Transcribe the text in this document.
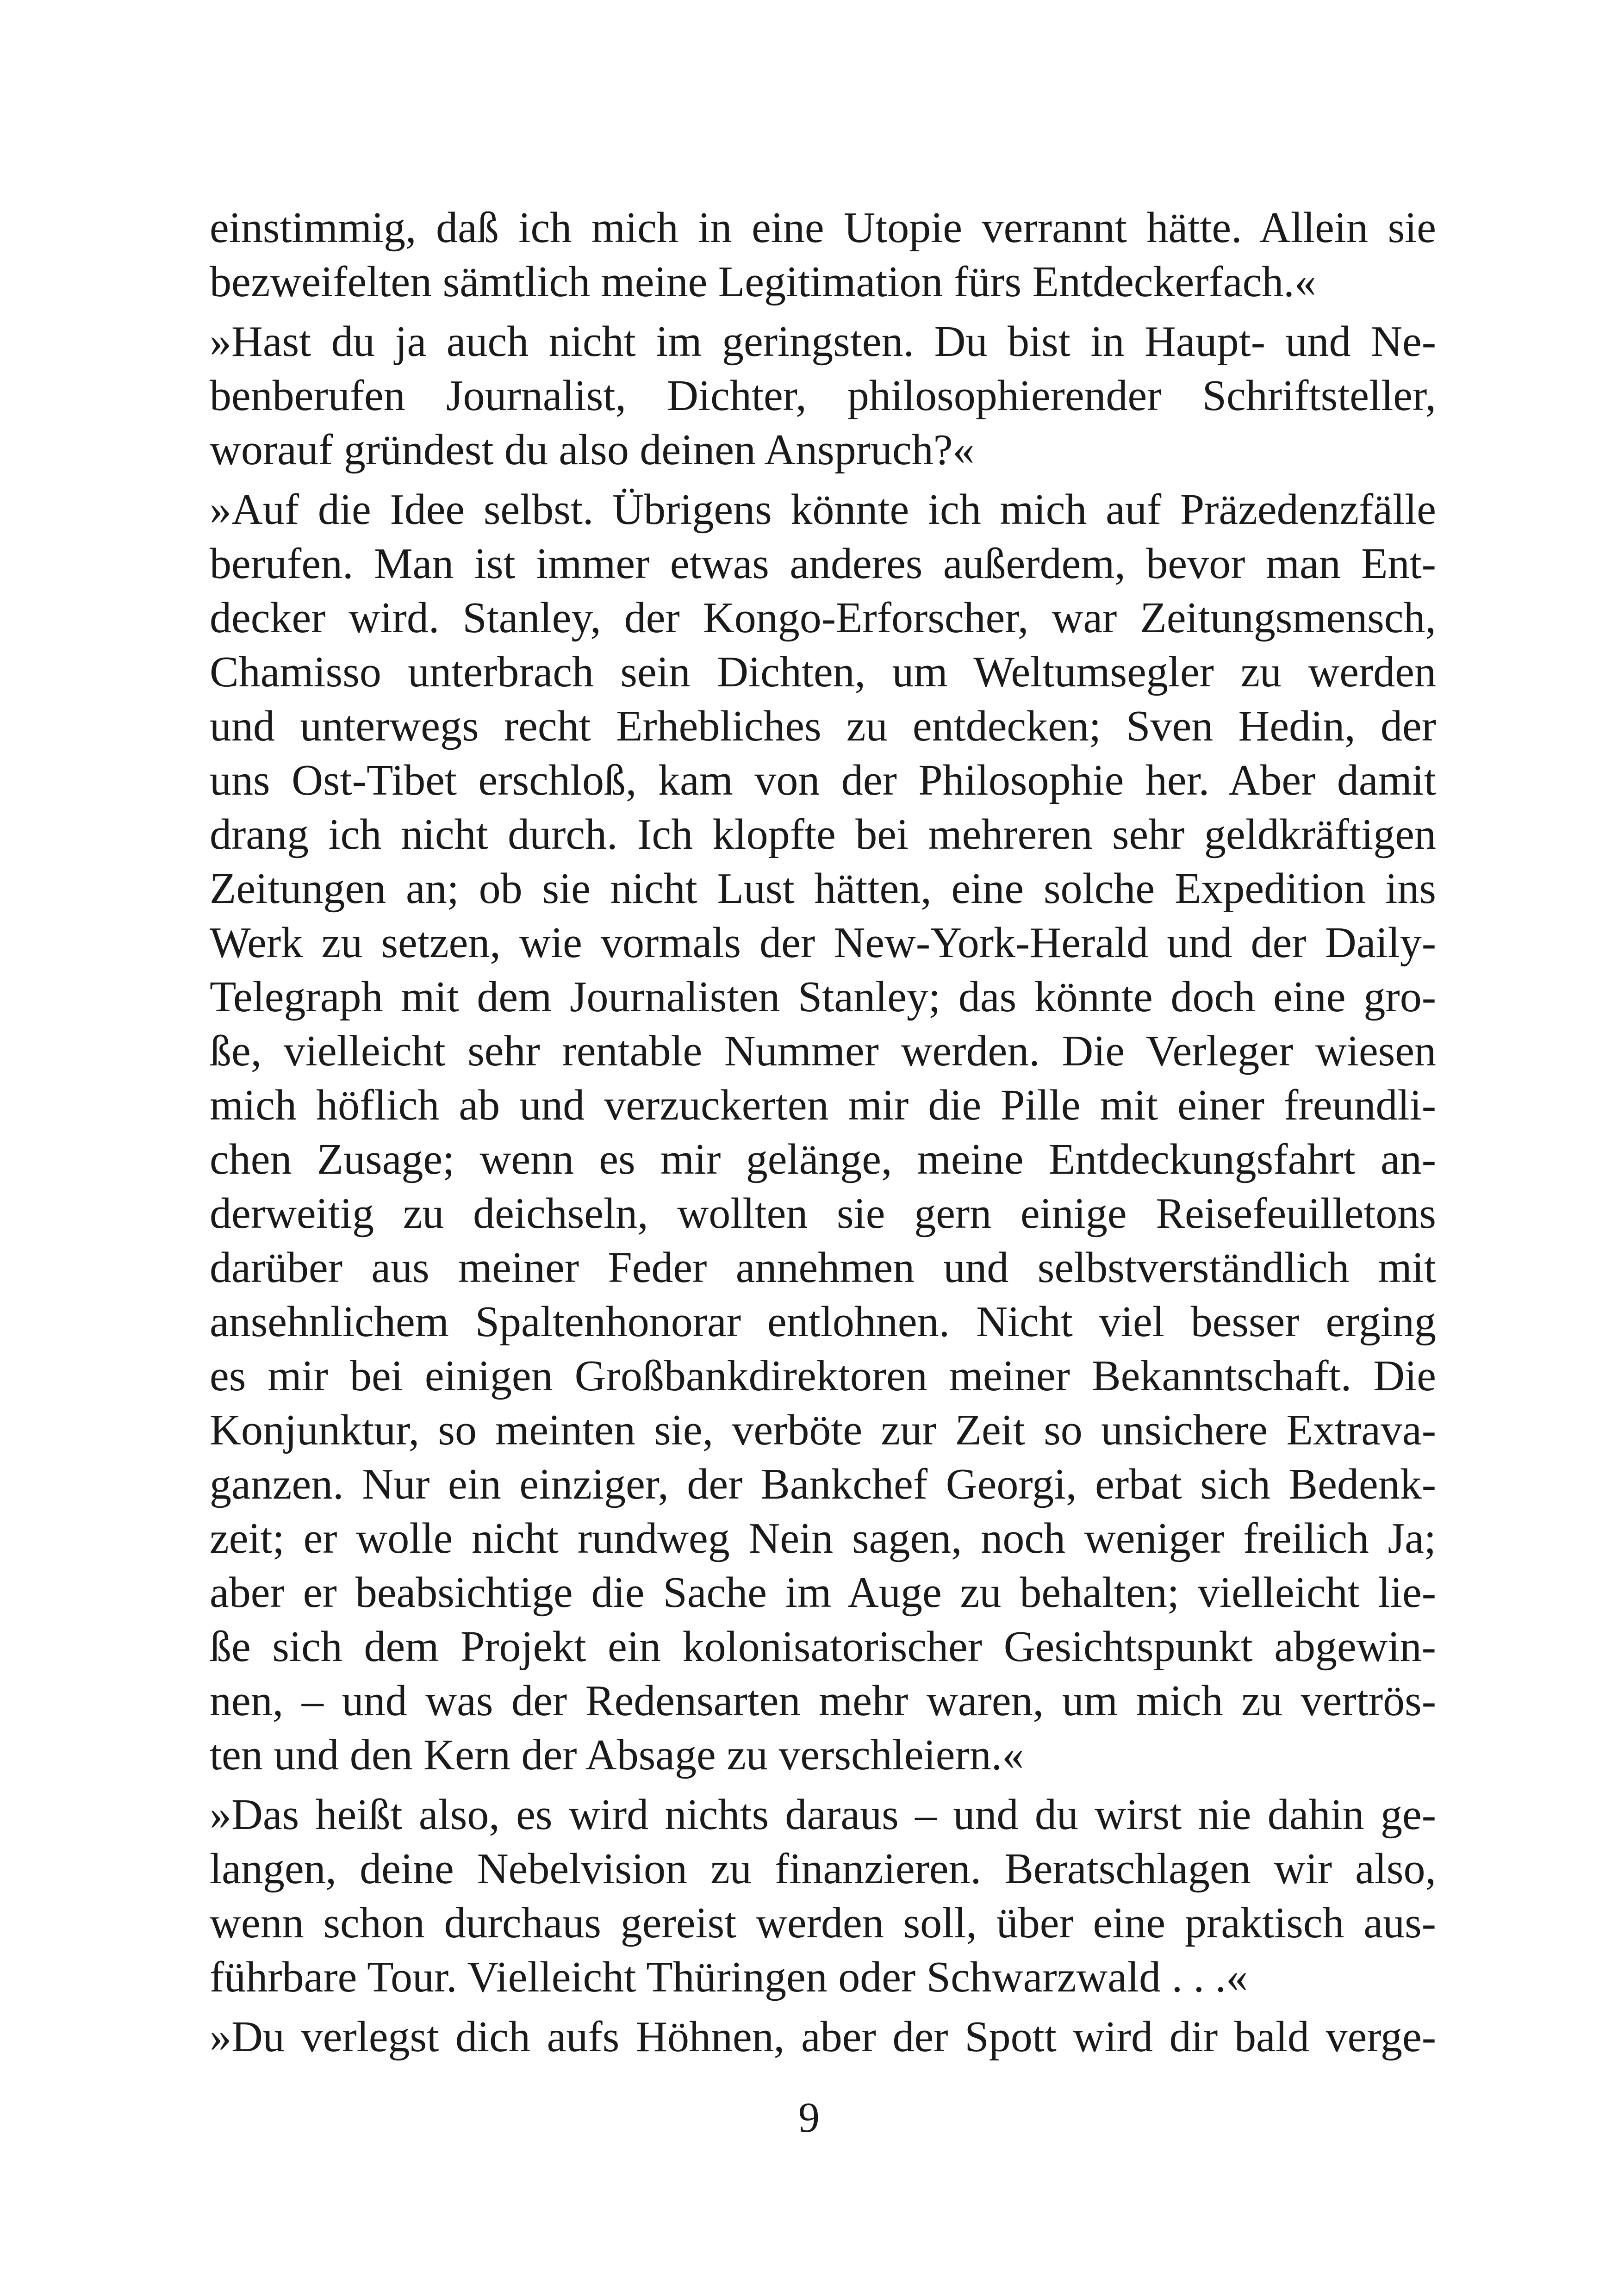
einstimmig, daß ich mich in eine Utopie verrannt hätte. Allein sie
bezweifelten sämtlich meine Legitimation fürs Entdeckerfach.«
»Hast du ja auch nicht im geringsten. Du bist in Haupt- und Ne-
benberufen Journalist, Dichter, philosophierender Schriftsteller,
worauf gründest du also deinen Anspruch?«
»Auf die Idee selbst. Übrigens könnte ich mich auf Präzedenzfälle
berufen. Man ist immer etwas anderes außerdem, bevor man Ent-
decker wird. Stanley, der Kongo-Erforscher, war Zeitungsmensch,
Chamisso unterbrach sein Dichten, um Weltumsegler zu werden
und unterwegs recht Erhebliches zu entdecken; Sven Hedin, der
uns Ost-Tibet erschloß, kam von der Philosophie her. Aber damit
drang ich nicht durch. Ich klopfte bei mehreren sehr geldkräftigen
Zeitungen an; ob sie nicht Lust hätten, eine solche Expedition ins
Werk zu setzen, wie vormals der New-York-Herald und der Daily-
Telegraph mit dem Journalisten Stanley; das könnte doch eine gro-
ße, vielleicht sehr rentable Nummer werden. Die Verleger wiesen
mich höflich ab und verzuckerten mir die Pille mit einer freundli-
chen Zusage; wenn es mir gelänge, meine Entdeckungsfahrt an-
derweitig zu deichseln, wollten sie gern einige Reisefeuilletons
darüber aus meiner Feder annehmen und selbstverständlich mit
ansehnlichem Spaltenhonorar entlohnen. Nicht viel besser erging
es mir bei einigen Großbankdirektoren meiner Bekanntschaft. Die
Konjunktur, so meinten sie, verböte zur Zeit so unsichere Extrava-
ganzen. Nur ein einziger, der Bankchef Georgi, erbat sich Bedenk-
zeit; er wolle nicht rundweg Nein sagen, noch weniger freilich Ja;
aber er beabsichtige die Sache im Auge zu behalten; vielleicht lie-
ße sich dem Projekt ein kolonisatorischer Gesichtspunkt abgewin-
nen, – und was der Redensarten mehr waren, um mich zu vertrös-
ten und den Kern der Absage zu verschleiern.«
»Das heißt also, es wird nichts daraus – und du wirst nie dahin ge-
langen, deine Nebelvision zu finanzieren. Beratschlagen wir also,
wenn schon durchaus gereist werden soll, über eine praktisch aus-
führbare Tour. Vielleicht Thüringen oder Schwarzwald . . .«
»Du verlegst dich aufs Höhnen, aber der Spott wird dir bald verge-
9
